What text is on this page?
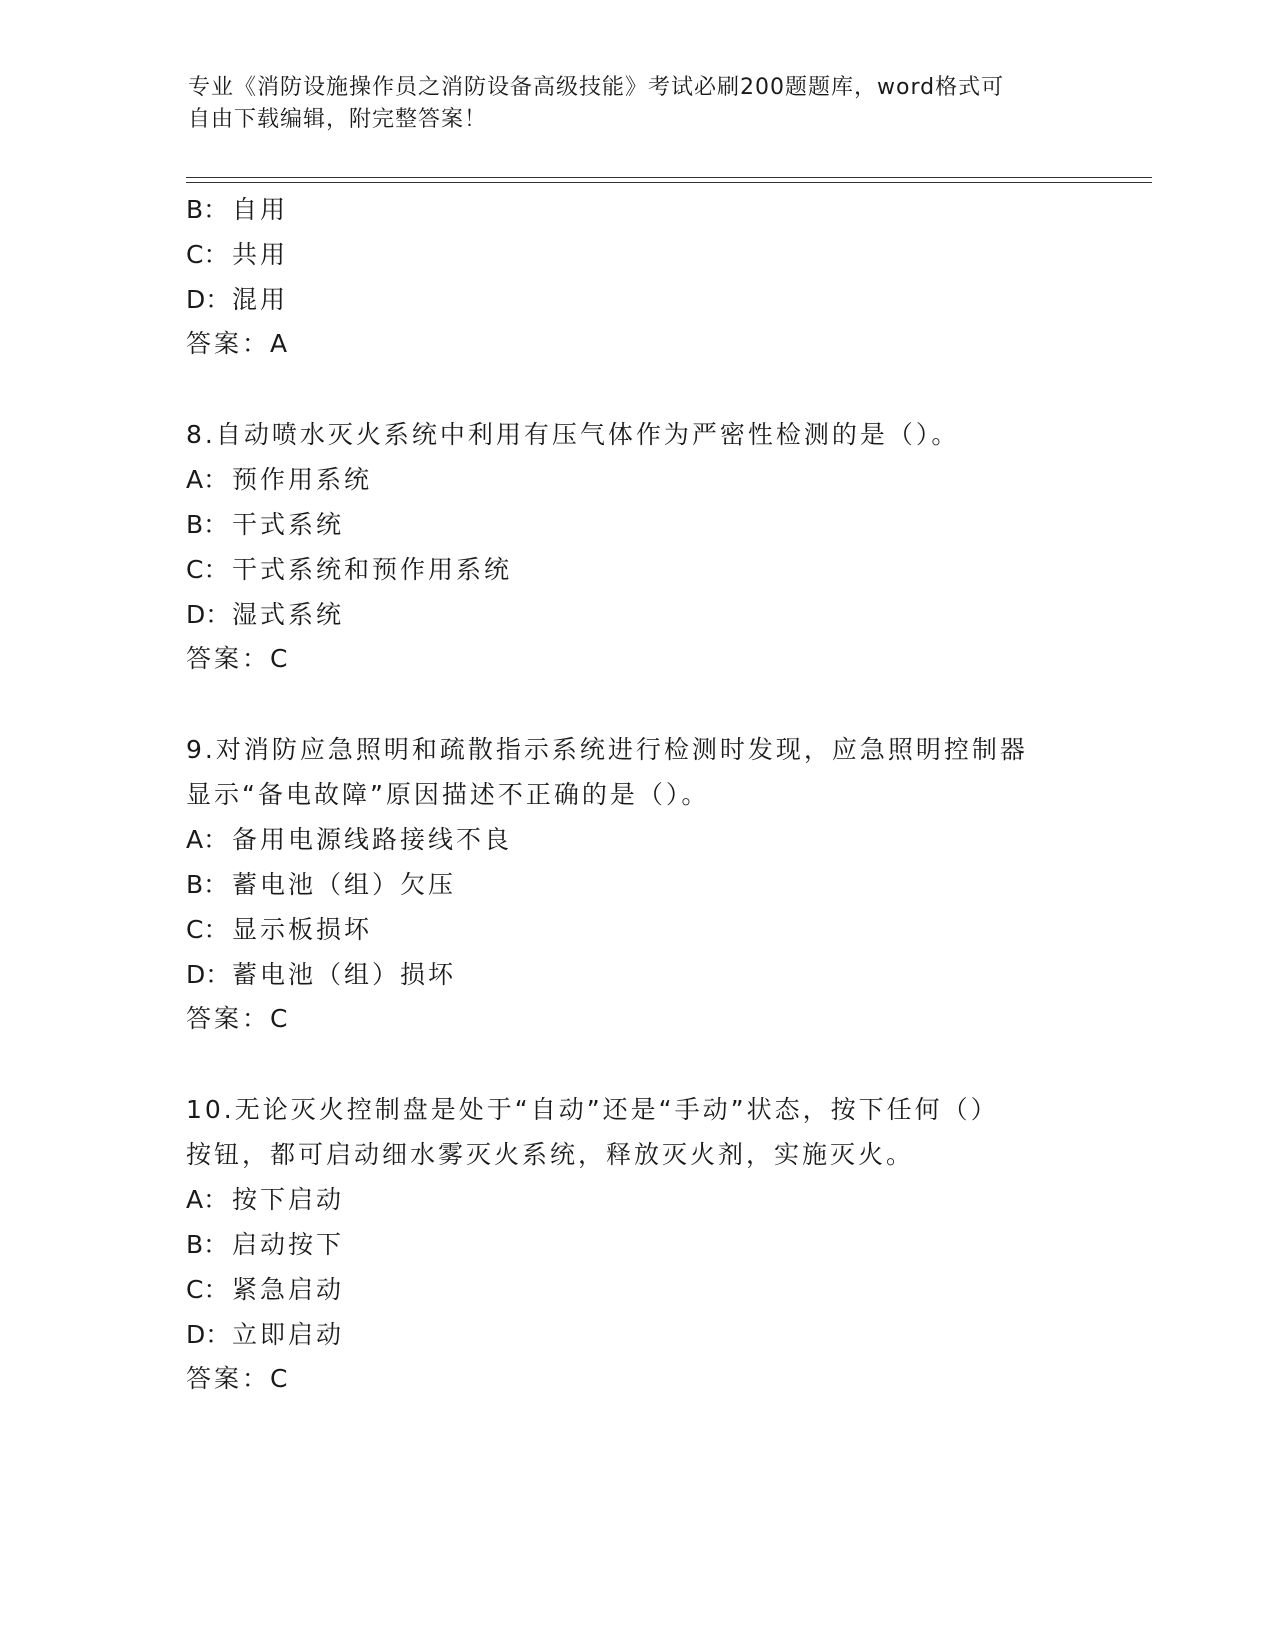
专业《消防设施操作员之消防设备高级技能》考试必刷200题题库，word格式可
自由下载编辑，附完整答案！
B： 自用
C： 共用
D：混用
答案：A
8.自动喷水灭火系统中利用有压气体作为严密性检测的是（）。
A： 预作用系统
B： 干式系统
C： 干式系统和预作用系统
D：湿式系统
答案：C
9.对消防应急照明和疏散指示系统进行检测时发现，应急照明控制器
显示“备电故障”原因描述不正确的是（）。
A： 备用电源线路接线不良
B： 蓄电池（组）欠压
C： 显示板损坏
D：蓄电池（组）损坏
答案：C
10.无论灭火控制盘是处于“自动”还是“手动”状态，按下任何（）
按钮，都可启动细水雾灭火系统，释放灭火剂，实施灭火。
A： 按下启动
B： 启动按下
C： 紧急启动
D：立即启动
答案：C
